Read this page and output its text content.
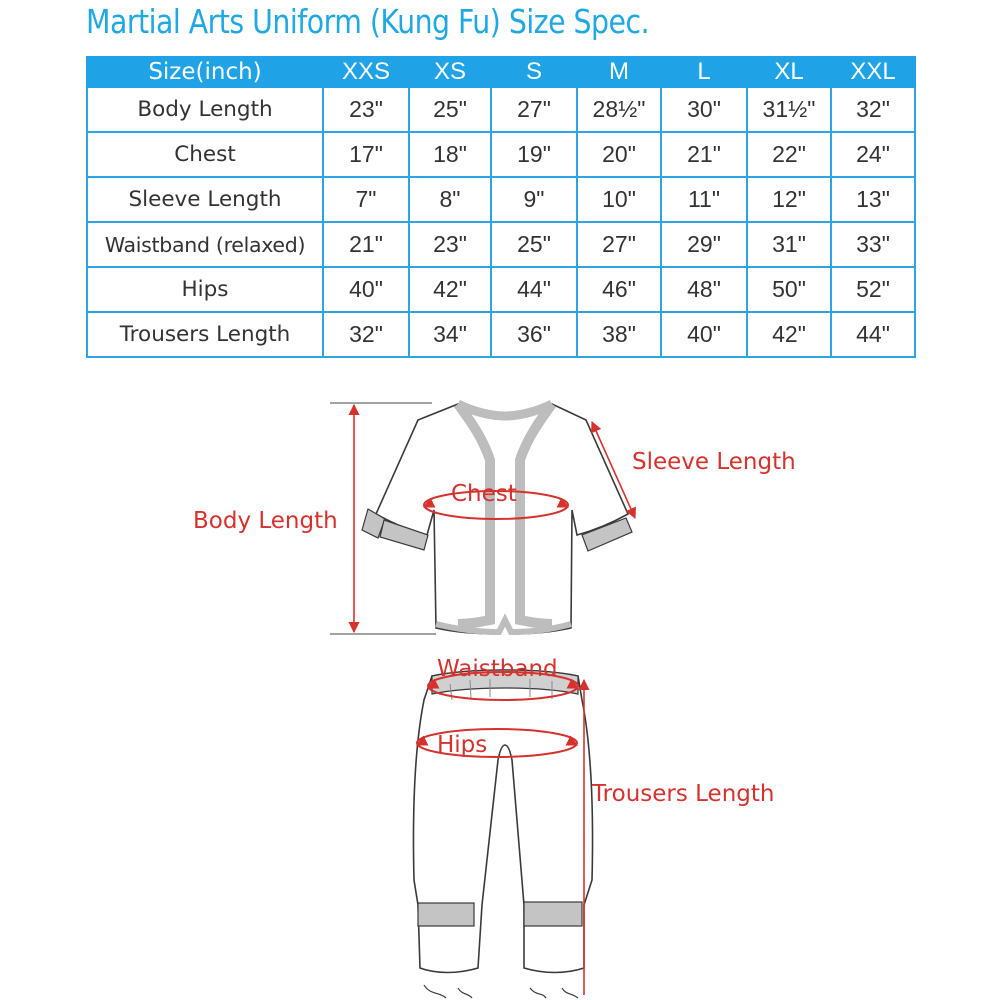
Martial Arts Uniform (Kung Fu) Size Spec.
Size(inch)	XXS	XS	S	M	L	XL	XXL
Body Length	23"	25"	27"	28½"	30"	31½"	32"
Chest	17"	18"	19"	20"	21"	22"	24"
Sleeve Length	7"	8"	9"	10"	11"	12"	13"
Waistband (relaxed)	21"	23"	25"	27"	29"	31"	33"
Hips	40"	42"	44"	46"	48"	50"	52"
Trousers Length	32"	34"	36"	38"	40"	42"	44"
Body Length
Chest
Sleeve Length
Waistband
Hips
Trousers Length
